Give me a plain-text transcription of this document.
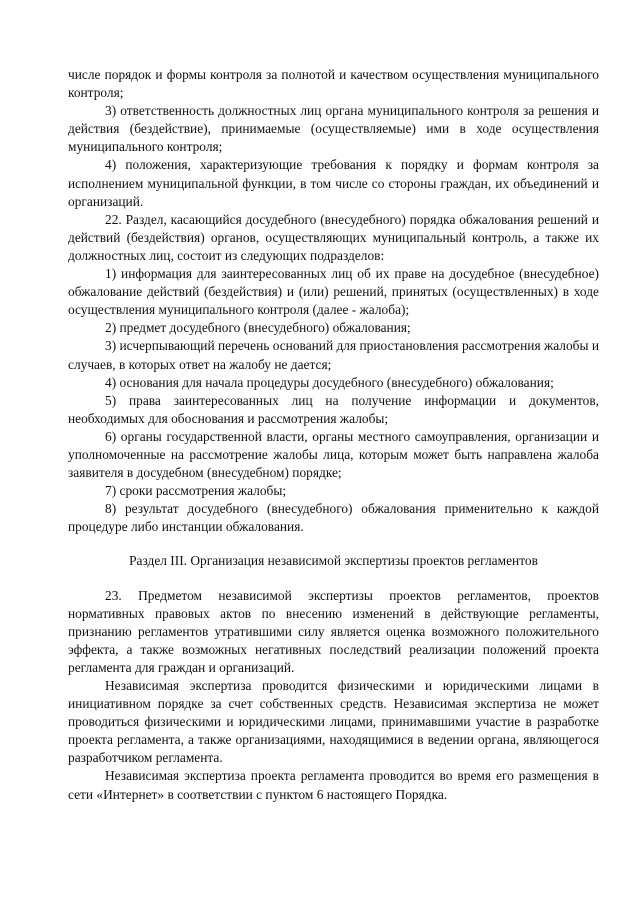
числе порядок и формы контроля за полнотой и качеством осуществления муниципального контроля;

3) ответственность должностных лиц органа муниципального контроля за решения и действия (бездействие), принимаемые (осуществляемые) ими в ходе осуществления муниципального контроля;

4) положения, характеризующие требования к порядку и формам контроля за исполнением муниципальной функции, в том числе со стороны граждан, их объединений и организаций.

22. Раздел, касающийся досудебного (внесудебного) порядка обжалования решений и действий (бездействия) органов, осуществляющих муниципальный контроль, а также их должностных лиц, состоит из следующих подразделов:

1) информация для заинтересованных лиц об их праве на досудебное (внесудебное) обжалование действий (бездействия) и (или) решений, принятых (осуществленных) в ходе осуществления муниципального контроля (далее - жалоба);

2) предмет досудебного (внесудебного) обжалования;

3) исчерпывающий перечень оснований для приостановления рассмотрения жалобы и случаев, в которых ответ на жалобу не дается;

4) основания для начала процедуры досудебного (внесудебного) обжалования;

5) права заинтересованных лиц на получение информации и документов, необходимых для обоснования и рассмотрения жалобы;

6) органы государственной власти, органы местного самоуправления, организации и уполномоченные на рассмотрение жалобы лица, которым может быть направлена жалоба заявителя в досудебном (внесудебном) порядке;

7) сроки рассмотрения жалобы;

8) результат досудебного (внесудебного) обжалования применительно к каждой процедуре либо инстанции обжалования.

Раздел III. Организация независимой экспертизы проектов регламентов

23. Предметом независимой экспертизы проектов регламентов, проектов нормативных правовых актов по внесению изменений в действующие регламенты, признанию регламентов утратившими силу является оценка возможного положительного эффекта, а также возможных негативных последствий реализации положений проекта регламента для граждан и организаций.

Независимая экспертиза проводится физическими и юридическими лицами в инициативном порядке за счет собственных средств. Независимая экспертиза не может проводиться физическими и юридическими лицами, принимавшими участие в разработке проекта регламента, а также организациями, находящимися в ведении органа, являющегося разработчиком регламента.

Независимая экспертиза проекта регламента проводится во время его размещения в сети «Интернет» в соответствии с пунктом 6 настоящего Порядка.
